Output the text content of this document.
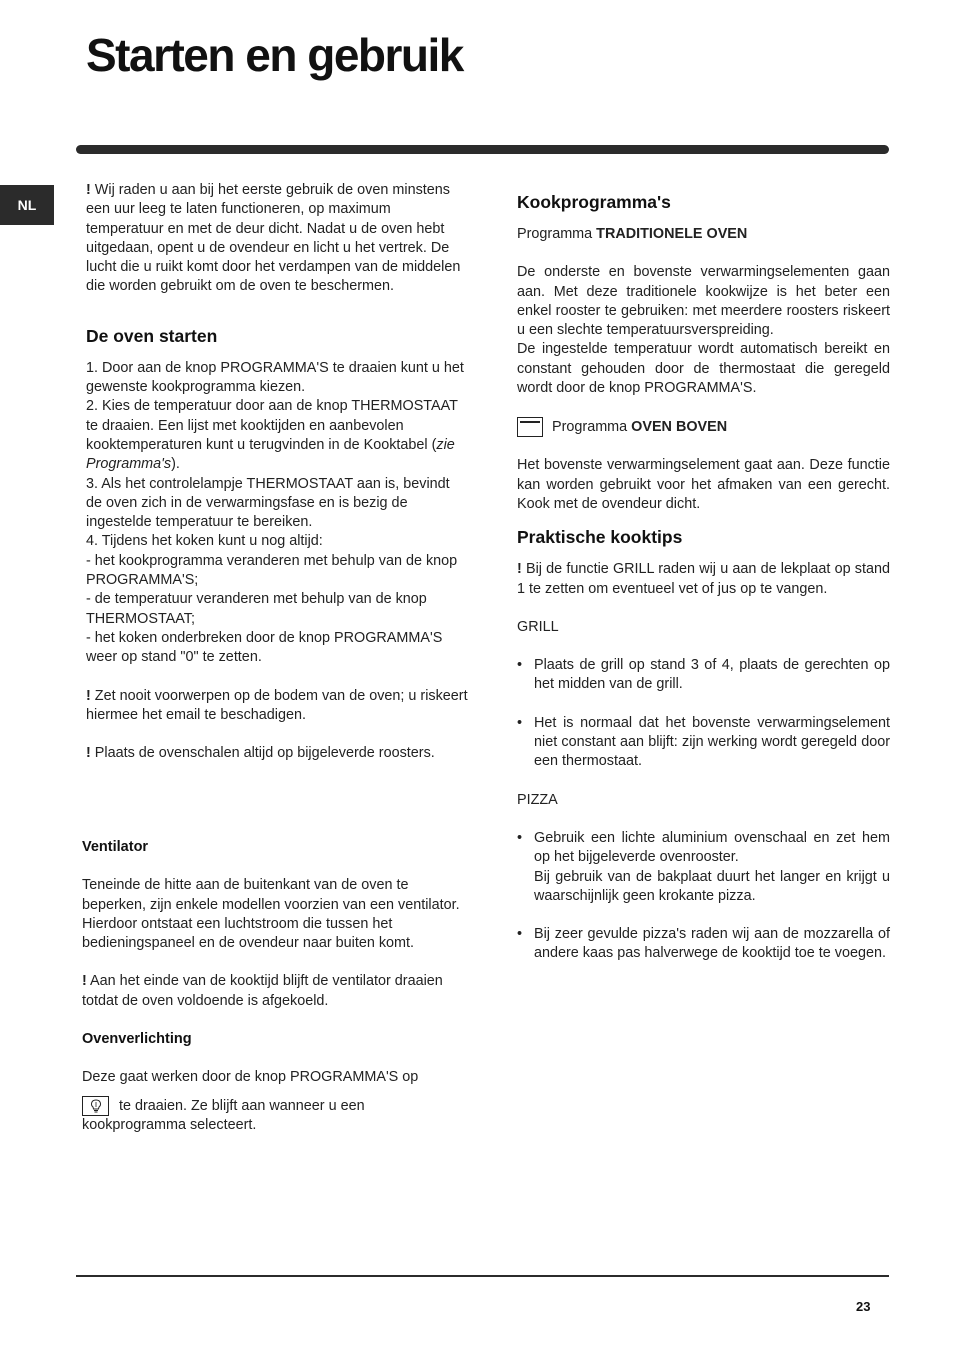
Starten en gebruik
NL

! Wij raden u aan bij het eerste gebruik de oven minstens een uur leeg te laten functioneren, op maximum temperatuur en met de deur dicht. Nadat u de oven hebt uitgedaan, opent u de ovendeur en licht u het vertrek. De lucht die u ruikt komt door het verdampen van de middelen die worden gebruikt om de oven te beschermen.

De oven starten

1. Door aan de knop PROGRAMMA'S te draaien kunt u het gewenste kookprogramma kiezen.

2. Kies de temperatuur door aan de knop THERMOSTAAT te draaien. Een lijst met kooktijden en aanbevolen kooktemperaturen kunt u terugvinden in de Kooktabel (zie Programma's).

3. Als het controlelampje THERMOSTAAT aan is, bevindt de oven zich in de verwarmingsfase en is bezig de ingestelde temperatuur te bereiken.

4. Tijdens het koken kunt u nog altijd:

- het kookprogramma veranderen met behulp van de knop PROGRAMMA'S;

- de temperatuur veranderen met behulp van de knop THERMOSTAAT;

- het koken onderbreken door de knop PROGRAMMA'S weer op stand "0" te zetten.

! Zet nooit voorwerpen op de bodem van de oven; u riskeert hiermee het email te beschadigen.

! Plaats de ovenschalen altijd op bijgeleverde roosters.

Ventilator

Teneinde de hitte aan de buitenkant van de oven te beperken, zijn enkele modellen voorzien van een ventilator. Hierdoor ontstaat een luchtstroom die tussen het bedieningspaneel en de ovendeur naar buiten komt.

! Aan het einde van de kooktijd blijft de ventilator draaien totdat de oven voldoende is afgekoeld.

Ovenverlichting

Deze gaat werken door de knop PROGRAMMA'S op

te draaien. Ze blijft aan wanneer u een kookprogramma selecteert.

Kookprogramma's

Programma TRADITIONELE OVEN

De onderste en bovenste verwarmingselementen gaan aan. Met deze traditionele kookwijze is het beter een enkel rooster te gebruiken: met meerdere roosters riskeert u een slechte temperatuursverspreiding.

De ingestelde temperatuur wordt automatisch bereikt en constant gehouden door de thermostaat die geregeld wordt door de knop PROGRAMMA'S.

Programma
OVEN BOVEN

Het bovenste verwarmingselement gaat aan. Deze functie kan worden gebruikt voor het afmaken van een gerecht. Kook met de ovendeur dicht.

Praktische kooktips

! Bij de functie GRILL raden wij u aan de lekplaat op stand 1 te zetten om eventueel vet of jus op te vangen.

GRILL

• Plaats de grill op stand 3 of 4, plaats de gerechten op het midden van de grill.
• Het is normaal dat het bovenste verwarmingselement niet constant aan blijft: zijn werking wordt geregeld door een thermostaat.

PIZZA

• Gebruik een lichte aluminium ovenschaal en zet hem op het bijgeleverde ovenrooster.
Bij gebruik van de bakplaat duurt het langer en krijgt u waarschijnlijk geen krokante pizza.
• Bij zeer gevulde pizza's raden wij aan de mozzarella of andere kaas pas halverwege de kooktijd toe te voegen.
23
